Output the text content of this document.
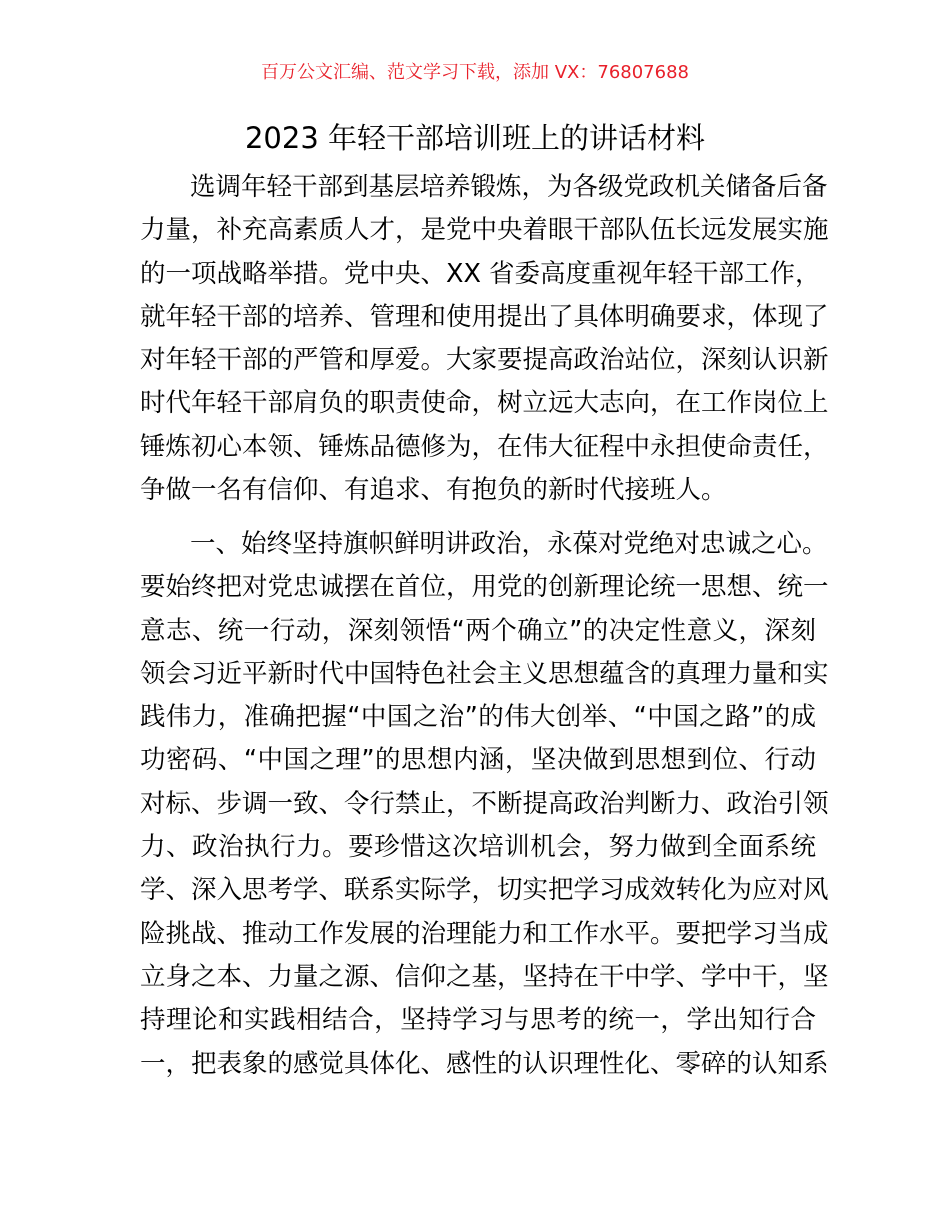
百万公文汇编、范文学习下载，添加 VX：76807688
2023 年轻干部培训班上的讲话材料
选调年轻干部到基层培养锻炼，为各级党政机关储备后备
力量，补充高素质人才，是党中央着眼干部队伍长远发展实施
的一项战略举措。党中央、XX 省委高度重视年轻干部工作，
就年轻干部的培养、管理和使用提出了具体明确要求，体现了
对年轻干部的严管和厚爱。大家要提高政治站位，深刻认识新
时代年轻干部肩负的职责使命，树立远大志向，在工作岗位上
锤炼初心本领、锤炼品德修为，在伟大征程中永担使命责任，
争做一名有信仰、有追求、有抱负的新时代接班人。
一、始终坚持旗帜鲜明讲政治，永葆对党绝对忠诚之心。
要始终把对党忠诚摆在首位，用党的创新理论统一思想、统一
意志、统一行动，深刻领悟“两个确立”的决定性意义，深刻
领会习近平新时代中国特色社会主义思想蕴含的真理力量和实
践伟力，准确把握“中国之治”的伟大创举、“中国之路”的成
功密码、“中国之理”的思想内涵，坚决做到思想到位、行动
对标、步调一致、令行禁止，不断提高政治判断力、政治引领
力、政治执行力。要珍惜这次培训机会，努力做到全面系统
学、深入思考学、联系实际学，切实把学习成效转化为应对风
险挑战、推动工作发展的治理能力和工作水平。要把学习当成
立身之本、力量之源、信仰之基，坚持在干中学、学中干，坚
持理论和实践相结合，坚持学习与思考的统一，学出知行合
一，把表象的感觉具体化、感性的认识理性化、零碎的认知系
